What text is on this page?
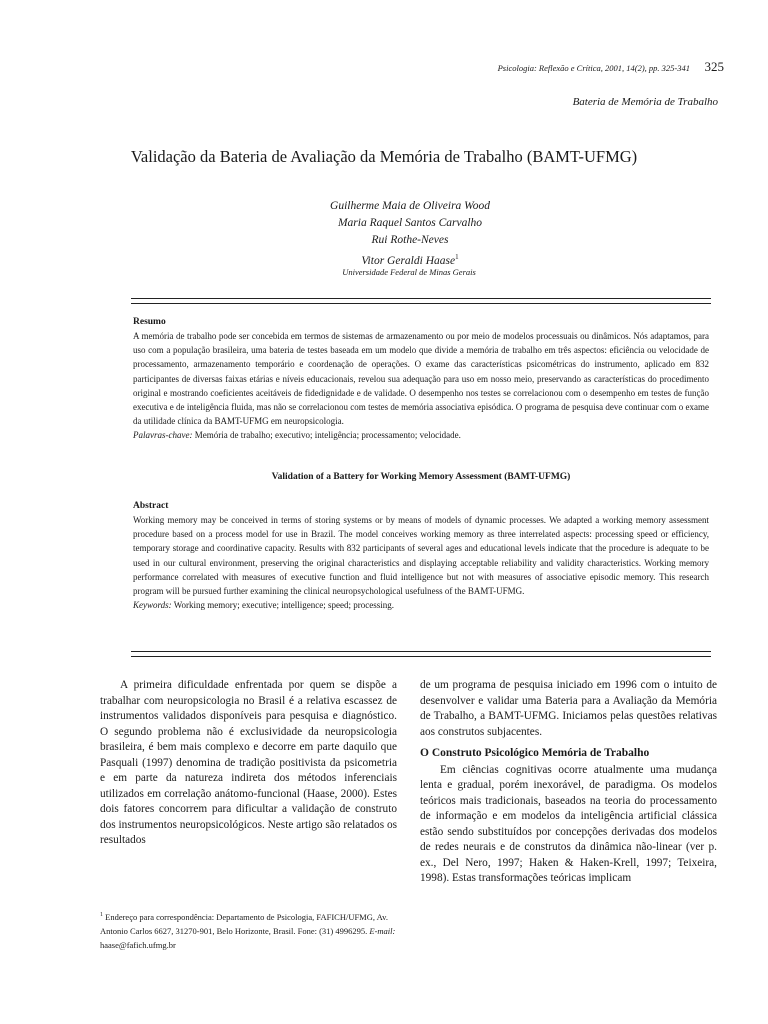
Psicologia: Reflexão e Crítica, 2001, 14(2), pp. 325-341	325
Bateria de Memória de Trabalho
Validação da Bateria de Avaliação da Memória de Trabalho (BAMT-UFMG)
Guilherme Maia de Oliveira Wood
Maria Raquel Santos Carvalho
Rui Rothe-Neves
Vitor Geraldi Haase$^1$
Universidade Federal de Minas Gerais
Resumo
A memória de trabalho pode ser concebida em termos de sistemas de armazenamento ou por meio de modelos processuais ou dinâmicos. Nós adaptamos, para uso com a população brasileira, uma bateria de testes baseada em um modelo que divide a memória de trabalho em três aspectos: eficiência ou velocidade de processamento, armazenamento temporário e coordenação de operações. O exame das características psicométricas do instrumento, aplicado em 832 participantes de diversas faixas etárias e níveis educacionais, revelou sua adequação para uso em nosso meio, preservando as características do procedimento original e mostrando coeficientes aceitáveis de fidedignidade e de validade. O desempenho nos testes se correlacionou com o desempenho em testes de função executiva e de inteligência fluida, mas não se correlacionou com testes de memória associativa episódica. O programa de pesquisa deve continuar com o exame da utilidade clínica da BAMT-UFMG em neuropsicologia.
Palavras-chave: Memória de trabalho; executivo; inteligência; processamento; velocidade.
Validation of a Battery for Working Memory Assessment (BAMT-UFMG)
Abstract
Working memory may be conceived in terms of storing systems or by means of models of dynamic processes. We adapted a working memory assessment procedure based on a process model for use in Brazil. The model conceives working memory as three interrelated aspects: processing speed or efficiency, temporary storage and coordinative capacity. Results with 832 participants of several ages and educational levels indicate that the procedure is adequate to be used in our cultural environment, preserving the original characteristics and displaying acceptable reliability and validity characteristics. Working memory performance correlated with measures of executive function and fluid intelligence but not with measures of associative episodic memory. This research program will be pursued further examining the clinical neuropsychological usefulness of the BAMT-UFMG.
Keywords: Working memory; executive; intelligence; speed; processing.

A primeira dificuldade enfrentada por quem se dispõe a trabalhar com neuropsicologia no Brasil é a relativa escassez de instrumentos validados disponíveis para pesquisa e diagnóstico. O segundo problema não é exclusividade da neuropsicologia brasileira, é bem mais complexo e decorre em parte daquilo que Pasquali (1997) denomina de tradição positivista da psicometria e em parte da natureza indireta dos métodos inferenciais utilizados em correlação anátomo-funcional (Haase, 2000). Estes dois fatores concorrem para dificultar a validação de construto dos instrumentos neuropsicológicos. Neste artigo são relatados os resultados

de um programa de pesquisa iniciado em 1996 com o intuito de desenvolver e validar uma Bateria para a Avaliação da Memória de Trabalho, a BAMT-UFMG. Iniciamos pelas questões relativas aos construtos subjacentes.

O Construto Psicológico Memória de Trabalho

Em ciências cognitivas ocorre atualmente uma mudança lenta e gradual, porém inexorável, de paradigma. Os modelos teóricos mais tradicionais, baseados na teoria do processamento de informação e em modelos da inteligência artificial clássica estão sendo substituídos por concepções derivadas dos modelos de redes neurais e de construtos da dinâmica não-linear (ver p. ex., Del Nero, 1997; Haken & Haken-Krell, 1997; Teixeira, 1998). Estas transformações teóricas implicam

$^1$ Endereço para correspondência: Departamento de Psicologia, FAFICH/UFMG, Av. Antonio Carlos 6627, 31270-901, Belo Horizonte, Brasil. Fone: (31) 4996295. E-mail: haase@fafich.ufmg.br
